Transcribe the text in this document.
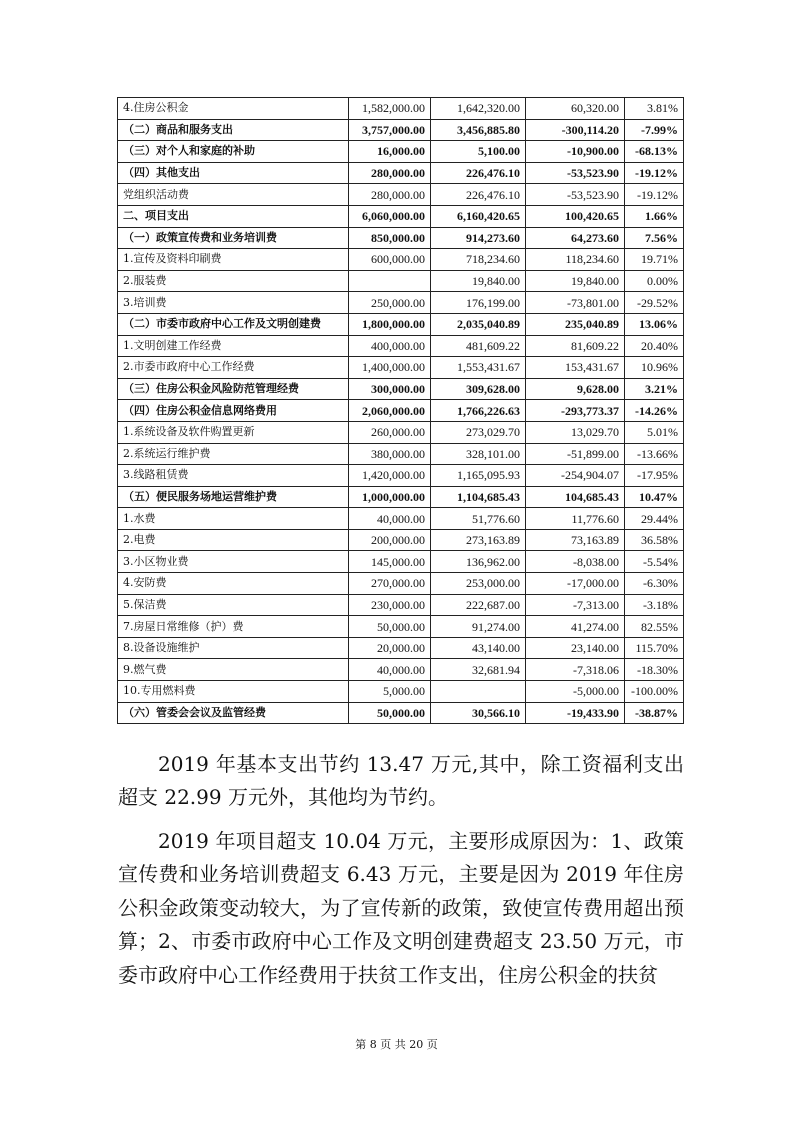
4.住房公积金	1,582,000.00	1,642,320.00	60,320.00	3.81%
（二）商品和服务支出	3,757,000.00	3,456,885.80	-300,114.20	-7.99%
（三）对个人和家庭的补助	16,000.00	5,100.00	-10,900.00	-68.13%
（四）其他支出	280,000.00	226,476.10	-53,523.90	-19.12%
党组织活动费	280,000.00	226,476.10	-53,523.90	-19.12%
二、项目支出	6,060,000.00	6,160,420.65	100,420.65	1.66%
（一）政策宣传费和业务培训费	850,000.00	914,273.60	64,273.60	7.56%
1.宣传及资料印刷费	600,000.00	718,234.60	118,234.60	19.71%
2.服装费		19,840.00	19,840.00	0.00%
3.培训费	250,000.00	176,199.00	-73,801.00	-29.52%
（二）市委市政府中心工作及文明创建费	1,800,000.00	2,035,040.89	235,040.89	13.06%
1.文明创建工作经费	400,000.00	481,609.22	81,609.22	20.40%
2.市委市政府中心工作经费	1,400,000.00	1,553,431.67	153,431.67	10.96%
（三）住房公积金风险防范管理经费	300,000.00	309,628.00	9,628.00	3.21%
（四）住房公积金信息网络费用	2,060,000.00	1,766,226.63	-293,773.37	-14.26%
1.系统设备及软件购置更新	260,000.00	273,029.70	13,029.70	5.01%
2.系统运行维护费	380,000.00	328,101.00	-51,899.00	-13.66%
3.线路租赁费	1,420,000.00	1,165,095.93	-254,904.07	-17.95%
（五）便民服务场地运营维护费	1,000,000.00	1,104,685.43	104,685.43	10.47%
1.水费	40,000.00	51,776.60	11,776.60	29.44%
2.电费	200,000.00	273,163.89	73,163.89	36.58%
3.小区物业费	145,000.00	136,962.00	-8,038.00	-5.54%
4.安防费	270,000.00	253,000.00	-17,000.00	-6.30%
5.保洁费	230,000.00	222,687.00	-7,313.00	-3.18%
7.房屋日常维修（护）费	50,000.00	91,274.00	41,274.00	82.55%
8.设备设施维护	20,000.00	43,140.00	23,140.00	115.70%
9.燃气费	40,000.00	32,681.94	-7,318.06	-18.30%
10.专用燃料费	5,000.00		-5,000.00	-100.00%
（六）管委会会议及监管经费	50,000.00	30,566.10	-19,433.90	-38.87%

2019 年基本支出节约 13.47 万元,其中，除工资福利支出超支 22.99 万元外，其他均为节约。

2019 年项目超支 10.04 万元，主要形成原因为：1、政策宣传费和业务培训费超支 6.43 万元，主要是因为 2019 年住房公积金政策变动较大，为了宣传新的政策，致使宣传费用超出预算；2、市委市政府中心工作及文明创建费超支 23.50 万元，市委市政府中心工作经费用于扶贫工作支出，住房公积金的扶贫

第 8 页 共 20 页
